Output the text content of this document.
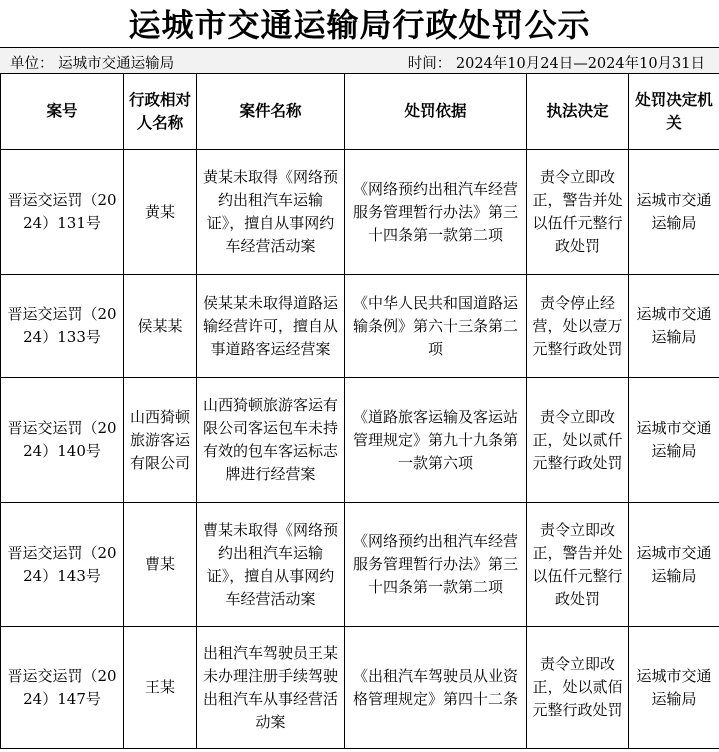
运城市交通运输局行政处罚公示
单位： 运城市交通运输局	时间： 2024年10月24日—2024年10月31日
案号	行政相对人名称	案件名称	处罚依据	执法决定	处罚决定机关
晋运交运罚（2024）131号	黄某	黄某未取得《网络预约出租汽车运输证》，擅自从事网约车经营活动案	《网络预约出租汽车经营服务管理暂行办法》第三十四条第一款第二项	责令立即改正，警告并处以伍仟元整行政处罚	运城市交通运输局
晋运交运罚（2024）133号	侯某某	侯某某未取得道路运输经营许可，擅自从事道路客运经营案	《中华人民共和国道路运输条例》第六十三条第二项	责令停止经营，处以壹万元整行政处罚	运城市交通运输局
晋运交运罚（2024）140号	山西猗顿旅游客运有限公司	山西猗顿旅游客运有限公司客运包车未持有效的包车客运标志牌进行经营案	《道路旅客运输及客运站管理规定》第九十九条第一款第六项	责令立即改正，处以贰仟元整行政处罚	运城市交通运输局
晋运交运罚（2024）143号	曹某	曹某未取得《网络预约出租汽车运输证》，擅自从事网约车经营活动案	《网络预约出租汽车经营服务管理暂行办法》第三十四条第一款第二项	责令立即改正，警告并处以伍仟元整行政处罚	运城市交通运输局
晋运交运罚（2024）147号	王某	出租汽车驾驶员王某未办理注册手续驾驶出租汽车从事经营活动案	《出租汽车驾驶员从业资格管理规定》第四十二条	责令立即改正，处以贰佰元整行政处罚	运城市交通运输局
